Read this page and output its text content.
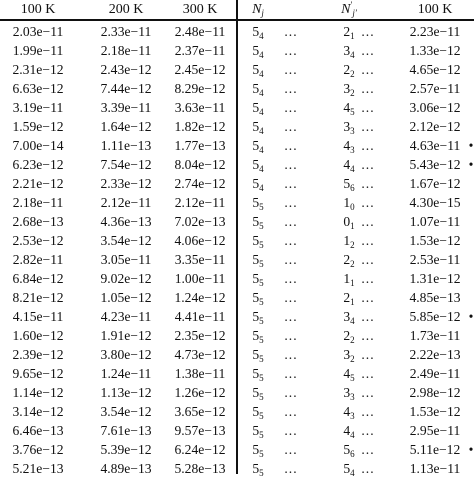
100 K	200 K	300 K	$N_j$	$N'_{j'}$	100 K
2.03e−11	2.33e−11	2.48e−11	$5_4$	...	$2_1$ ...	2.23e−11
1.99e−11	2.18e−11	2.37e−11	$5_4$	...	$3_4$ ...	1.33e−12
2.31e−12	2.43e−12	2.45e−12	$5_4$	...	$2_2$ ...	4.65e−12
6.63e−12	7.44e−12	8.29e−12	$5_4$	...	$3_2$ ...	2.57e−11
3.19e−11	3.39e−11	3.63e−11	$5_4$	...	$4_5$ ...	3.06e−12
1.59e−12	1.64e−12	1.82e−12	$5_4$	...	$3_3$ ...	2.12e−12
7.00e−14	1.11e−13	1.77e−13	$5_4$	...	$4_3$ ...	4.63e−11 •
6.23e−12	7.54e−12	8.04e−12	$5_4$	...	$4_4$ ...	5.43e−12 •
2.21e−12	2.33e−12	2.74e−12	$5_4$	...	$5_6$ ...	1.67e−12
2.18e−11	2.12e−11	2.12e−11	$5_5$	...	$1_0$ ...	4.30e−15
2.68e−13	4.36e−13	7.02e−13	$5_5$	...	$0_1$ ...	1.07e−11
2.53e−12	3.54e−12	4.06e−12	$5_5$	...	$1_2$ ...	1.53e−12
2.82e−11	3.05e−11	3.35e−11	$5_5$	...	$2_2$ ...	2.53e−11
6.84e−12	9.02e−12	1.00e−11	$5_5$	...	$1_1$ ...	1.31e−12
8.21e−12	1.05e−12	1.24e−12	$5_5$	...	$2_1$ ...	4.85e−13
4.15e−11	4.23e−11	4.41e−11	$5_5$	...	$3_4$ ...	5.85e−12 •
1.60e−12	1.91e−12	2.35e−12	$5_5$	...	$2_2$ ...	1.73e−11
2.39e−12	3.80e−12	4.73e−12	$5_5$	...	$3_2$ ...	2.22e−13
9.65e−12	1.24e−11	1.38e−11	$5_5$	...	$4_5$ ...	2.49e−11
1.14e−12	1.13e−12	1.26e−12	$5_5$	...	$3_3$ ...	2.98e−12
3.14e−12	3.54e−12	3.65e−12	$5_5$	...	$4_3$ ...	1.53e−12
6.46e−13	7.61e−13	9.57e−13	$5_5$	...	$4_4$ ...	2.95e−11
3.76e−12	5.39e−12	6.24e−12	$5_5$	...	$5_6$ ...	5.11e−12 •
5.21e−13	4.89e−13	5.28e−13	$5_5$	...	$5_4$ ...	1.13e−11
